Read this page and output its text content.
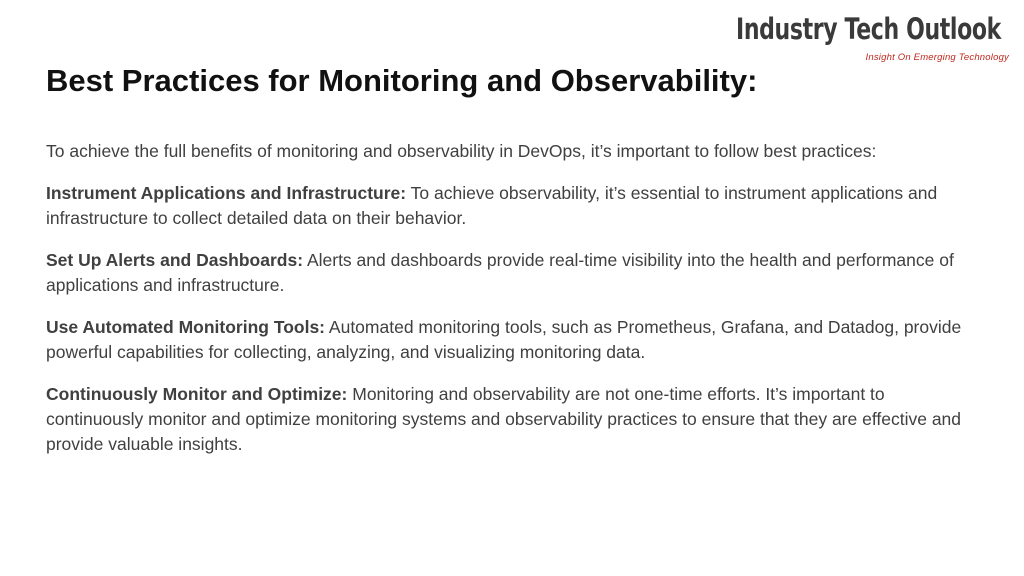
Industry Tech Outlook
Insight On Emerging Technology
Best Practices for Monitoring and Observability:

To achieve the full benefits of monitoring and observability in DevOps, it’s important to follow best practices:

Instrument Applications and Infrastructure: To achieve observability, it’s essential to instrument applications and infrastructure to collect detailed data on their behavior.

Set Up Alerts and Dashboards: Alerts and dashboards provide real-time visibility into the health and performance of applications and infrastructure.

Use Automated Monitoring Tools: Automated monitoring tools, such as Prometheus, Grafana, and Datadog, provide powerful capabilities for collecting, analyzing, and visualizing monitoring data.

Continuously Monitor and Optimize: Monitoring and observability are not one-time efforts. It’s important to continuously monitor and optimize monitoring systems and observability practices to ensure that they are effective and provide valuable insights.
